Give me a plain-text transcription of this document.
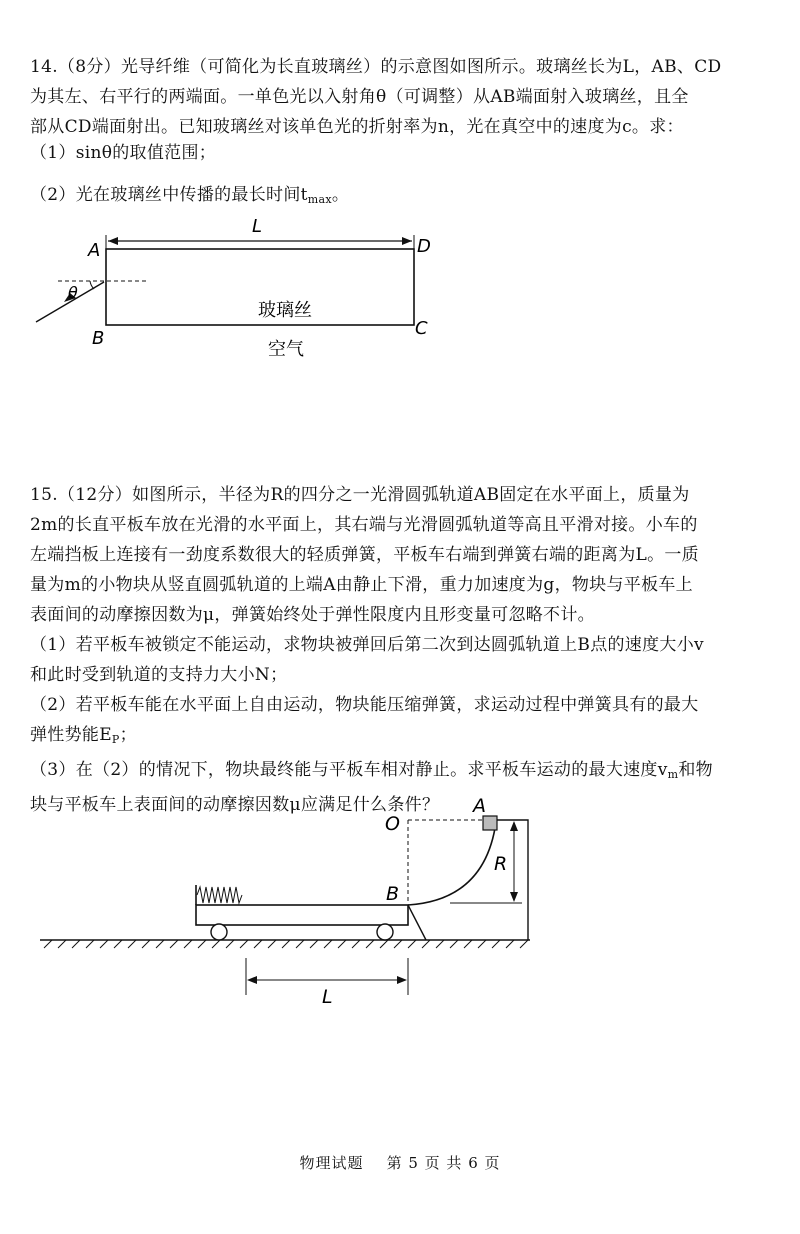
14.（8分）光导纤维（可简化为长直玻璃丝）的示意图如图所示。玻璃丝长为L，AB、CD
为其左、右平行的两端面。一单色光以入射角θ（可调整）从AB端面射入玻璃丝，且全
部从CD端面射出。已知玻璃丝对该单色光的折射率为n，光在真空中的速度为c。求：
（1）sinθ的取值范围；
（2）光在玻璃丝中传播的最长时间$t_{max}$。
L
A	D
B	C
θ
玻璃丝
空气
15.（12分）如图所示，半径为R的四分之一光滑圆弧轨道AB固定在水平面上，质量为
2m的长直平板车放在光滑的水平面上，其右端与光滑圆弧轨道等高且平滑对接。小车的
左端挡板上连接有一劲度系数很大的轻质弹簧，平板车右端到弹簧右端的距离为L。一质
量为m的小物块从竖直圆弧轨道的上端A由静止下滑，重力加速度为g，物块与平板车上
表面间的动摩擦因数为μ，弹簧始终处于弹性限度内且形变量可忽略不计。
（1）若平板车被锁定不能运动，求物块被弹回后第二次到达圆弧轨道上B点的速度大小v
和此时受到轨道的支持力大小N；
（2）若平板车能在水平面上自由运动，物块能压缩弹簧，求运动过程中弹簧具有的最大
弹性势能$E_P$；
（3）在（2）的情况下，物块最终能与平板车相对静止。求平板车运动的最大速度$v_m$和物
块与平板车上表面间的动摩擦因数μ应满足什么条件？
O
A
B
R
L
物理试题 第 5 页 共 6 页
